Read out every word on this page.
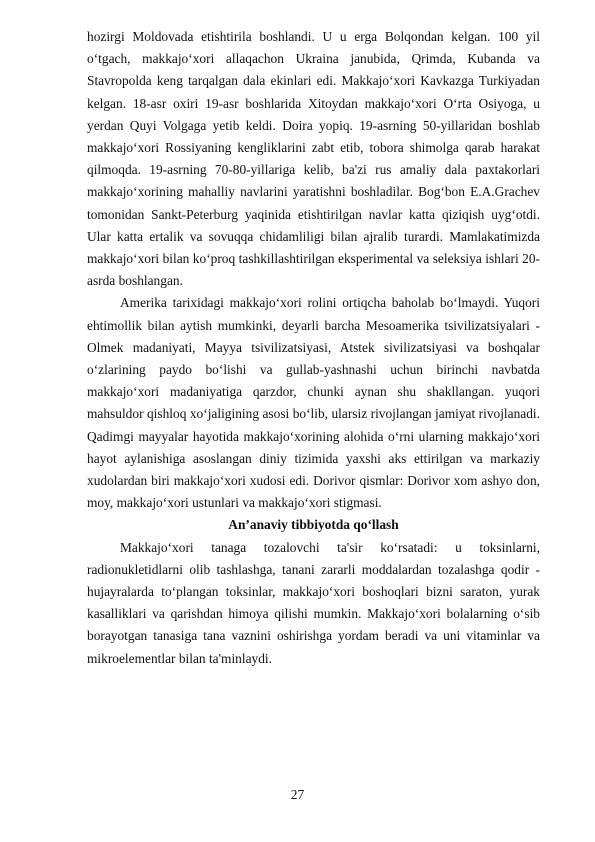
hozirgi Moldovada etishtirila boshlandi. U u erga Bolqondan kelgan. 100 yil o‘tgach, makkajo‘xori allaqachon Ukraina janubida, Qrimda, Kubanda va Stavropolda keng tarqalgan dala ekinlari edi. Makkajo‘xori Kavkazga Turkiyadan kelgan. 18-asr oxiri 19-asr boshlarida Xitoydan makkajo‘xori O‘rta Osiyoga, u yerdan Quyi Volgaga yetib keldi. Doira yopiq. 19-asrning 50-yillaridan boshlab makkajo‘xori Rossiyaning kengliklarini zabt etib, tobora shimolga qarab harakat qilmoqda. 19-asrning 70-80-yillariga kelib, ba'zi rus amaliy dala paxtakorlari makkajo‘xorining mahalliy navlarini yaratishni boshladilar. Bog‘bon E.A.Grachev tomonidan Sankt-Peterburg yaqinida etishtirilgan navlar katta qiziqish uyg‘otdi. Ular katta ertalik va sovuqqa chidamliligi bilan ajralib turardi. Mamlakatimizda makkajo‘xori bilan ko‘proq tashkillashtirilgan eksperimental va seleksiya ishlari 20-asrda boshlangan.

Amerika tarixidagi makkajo‘xori rolini ortiqcha baholab bo‘lmaydi. Yuqori ehtimollik bilan aytish mumkinki, deyarli barcha Mesoamerika tsivilizatsiyalari - Olmek madaniyati, Mayya tsivilizatsiyasi, Atstek sivilizatsiyasi va boshqalar o‘zlarining paydo bo‘lishi va gullab-yashnashi uchun birinchi navbatda makkajo‘xori madaniyatiga qarzdor, chunki aynan shu shakllangan. yuqori mahsuldor qishloq xo‘jaligining asosi bo‘lib, ularsiz rivojlangan jamiyat rivojlanadi. Qadimgi mayyalar hayotida makkajo‘xorining alohida o‘rni ularning makkajo‘xori hayot aylanishiga asoslangan diniy tizimida yaxshi aks ettirilgan va markaziy xudolardan biri makkajo‘xori xudosi edi. Dorivor qismlar: Dorivor xom ashyo don, moy, makkajo‘xori ustunlari va makkajo‘xori stigmasi.

An’anaviy tibbiyotda qo‘llash

Makkajo‘xori tanaga tozalovchi ta'sir ko‘rsatadi: u toksinlarni, radionukletidlarni olib tashlashga, tanani zararli moddalardan tozalashga qodir - hujayralarda to‘plangan toksinlar, makkajo‘xori boshoqlari bizni saraton, yurak kasalliklari va qarishdan himoya qilishi mumkin. Makkajo‘xori bolalarning o‘sib borayotgan tanasiga tana vaznini oshirishga yordam beradi va uni vitaminlar va mikroelementlar bilan ta'minlaydi.

27
